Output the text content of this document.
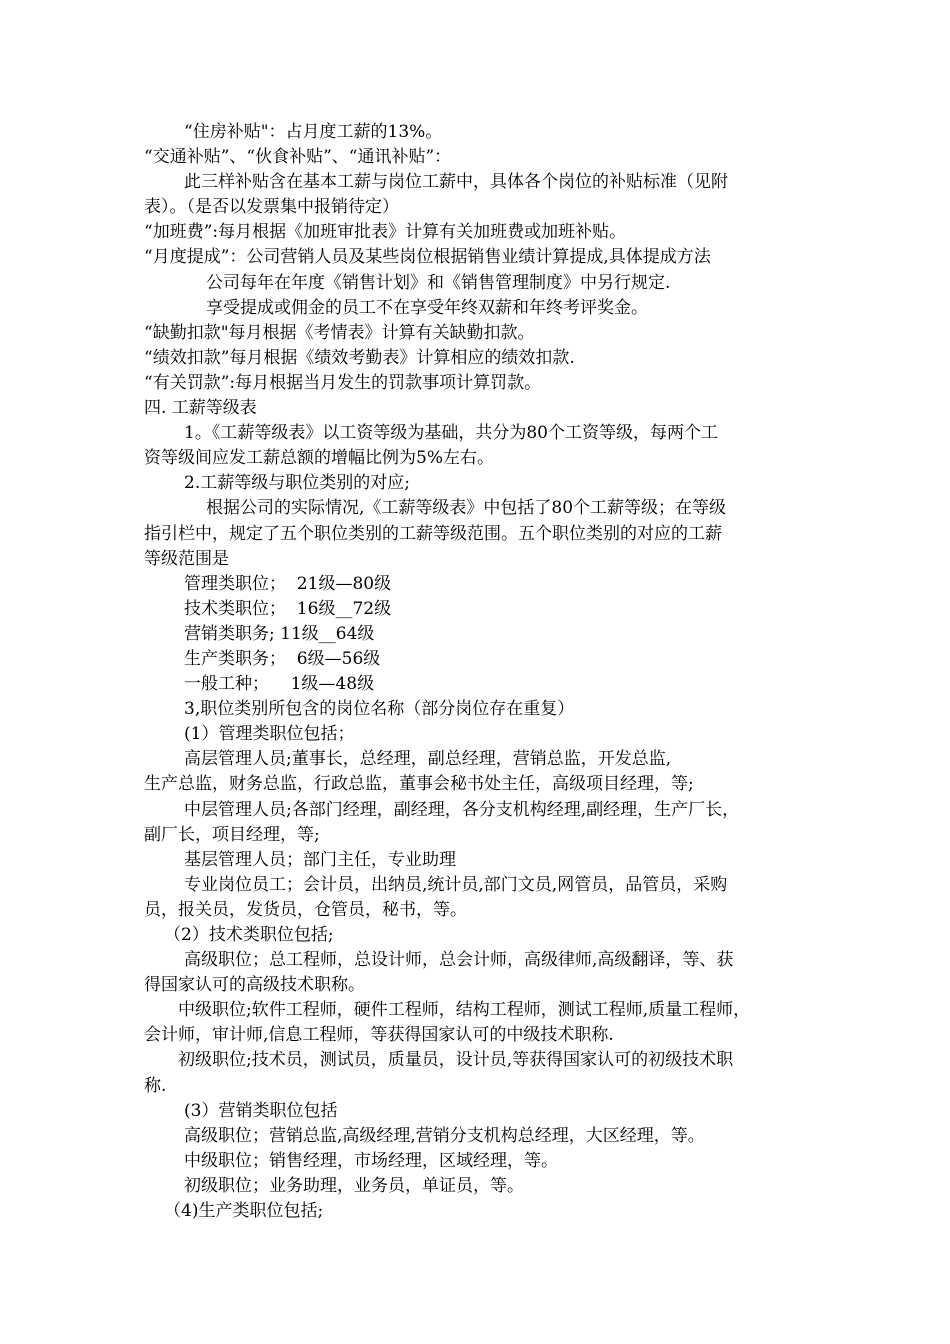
“住房补贴"：占月度工薪的13%。
“交通补贴”、“伙食补贴”、“通讯补贴”：
此三样补贴含在基本工薪与岗位工薪中，具体各个岗位的补贴标准（见附
表）。（是否以发票集中报销待定）
“加班费”:每月根据《加班审批表》计算有关加班费或加班补贴。
“月度提成”：公司营销人员及某些岗位根据销售业绩计算提成,具体提成方法
公司每年在年度《销售计划》和《销售管理制度》中另行规定.
享受提成或佣金的员工不在享受年终双薪和年终考评奖金。
“缺勤扣款"每月根据《考情表》计算有关缺勤扣款。
“绩效扣款”每月根据《绩效考勤表》计算相应的绩效扣款.
“有关罚款”:每月根据当月发生的罚款事项计算罚款。
四. 工薪等级表
1。《工薪等级表》以工资等级为基础，共分为80个工资等级，每两个工
资等级间应发工薪总额的增幅比例为5%左右。
2.工薪等级与职位类别的对应;
根据公司的实际情况,《工薪等级表》中包括了80个工薪等级；在等级
指引栏中，规定了五个职位类别的工薪等级范围。五个职位类别的对应的工薪
等级范围是
管理类职位；  21级—80级
技术类职位；  16级__72级
营销类职务; 11级__64级
生产类职务；  6级—56级
一般工种；    1级—48级
3,职位类别所包含的岗位名称（部分岗位存在重复）
(1）管理类职位包括；
高层管理人员;董事长，总经理，副总经理，营销总监，开发总监,
生产总监，财务总监，行政总监，董事会秘书处主任，高级项目经理，等;
中层管理人员;各部门经理，副经理，各分支机构经理,副经理，生产厂长，
副厂长，项目经理，等;
基层管理人员；部门主任，专业助理
专业岗位员工；会计员，出纳员,统计员,部门文员,网管员，品管员，采购
员，报关员，发货员，仓管员，秘书，等。
（2）技术类职位包括;
高级职位；总工程师，总设计师，总会计师，高级律师,高级翻译，等、获
得国家认可的高级技术职称。
中级职位;软件工程师，硬件工程师，结构工程师，测试工程师,质量工程师，
会计师，审计师,信息工程师，等获得国家认可的中级技术职称.
初级职位;技术员，测试员，质量员，设计员,等获得国家认可的初级技术职
称.
(3）营销类职位包括
高级职位；营销总监,高级经理,营销分支机构总经理，大区经理，等。
中级职位；销售经理，市场经理，区域经理，等。
初级职位；业务助理，业务员，单证员，等。
（4)生产类职位包括;
